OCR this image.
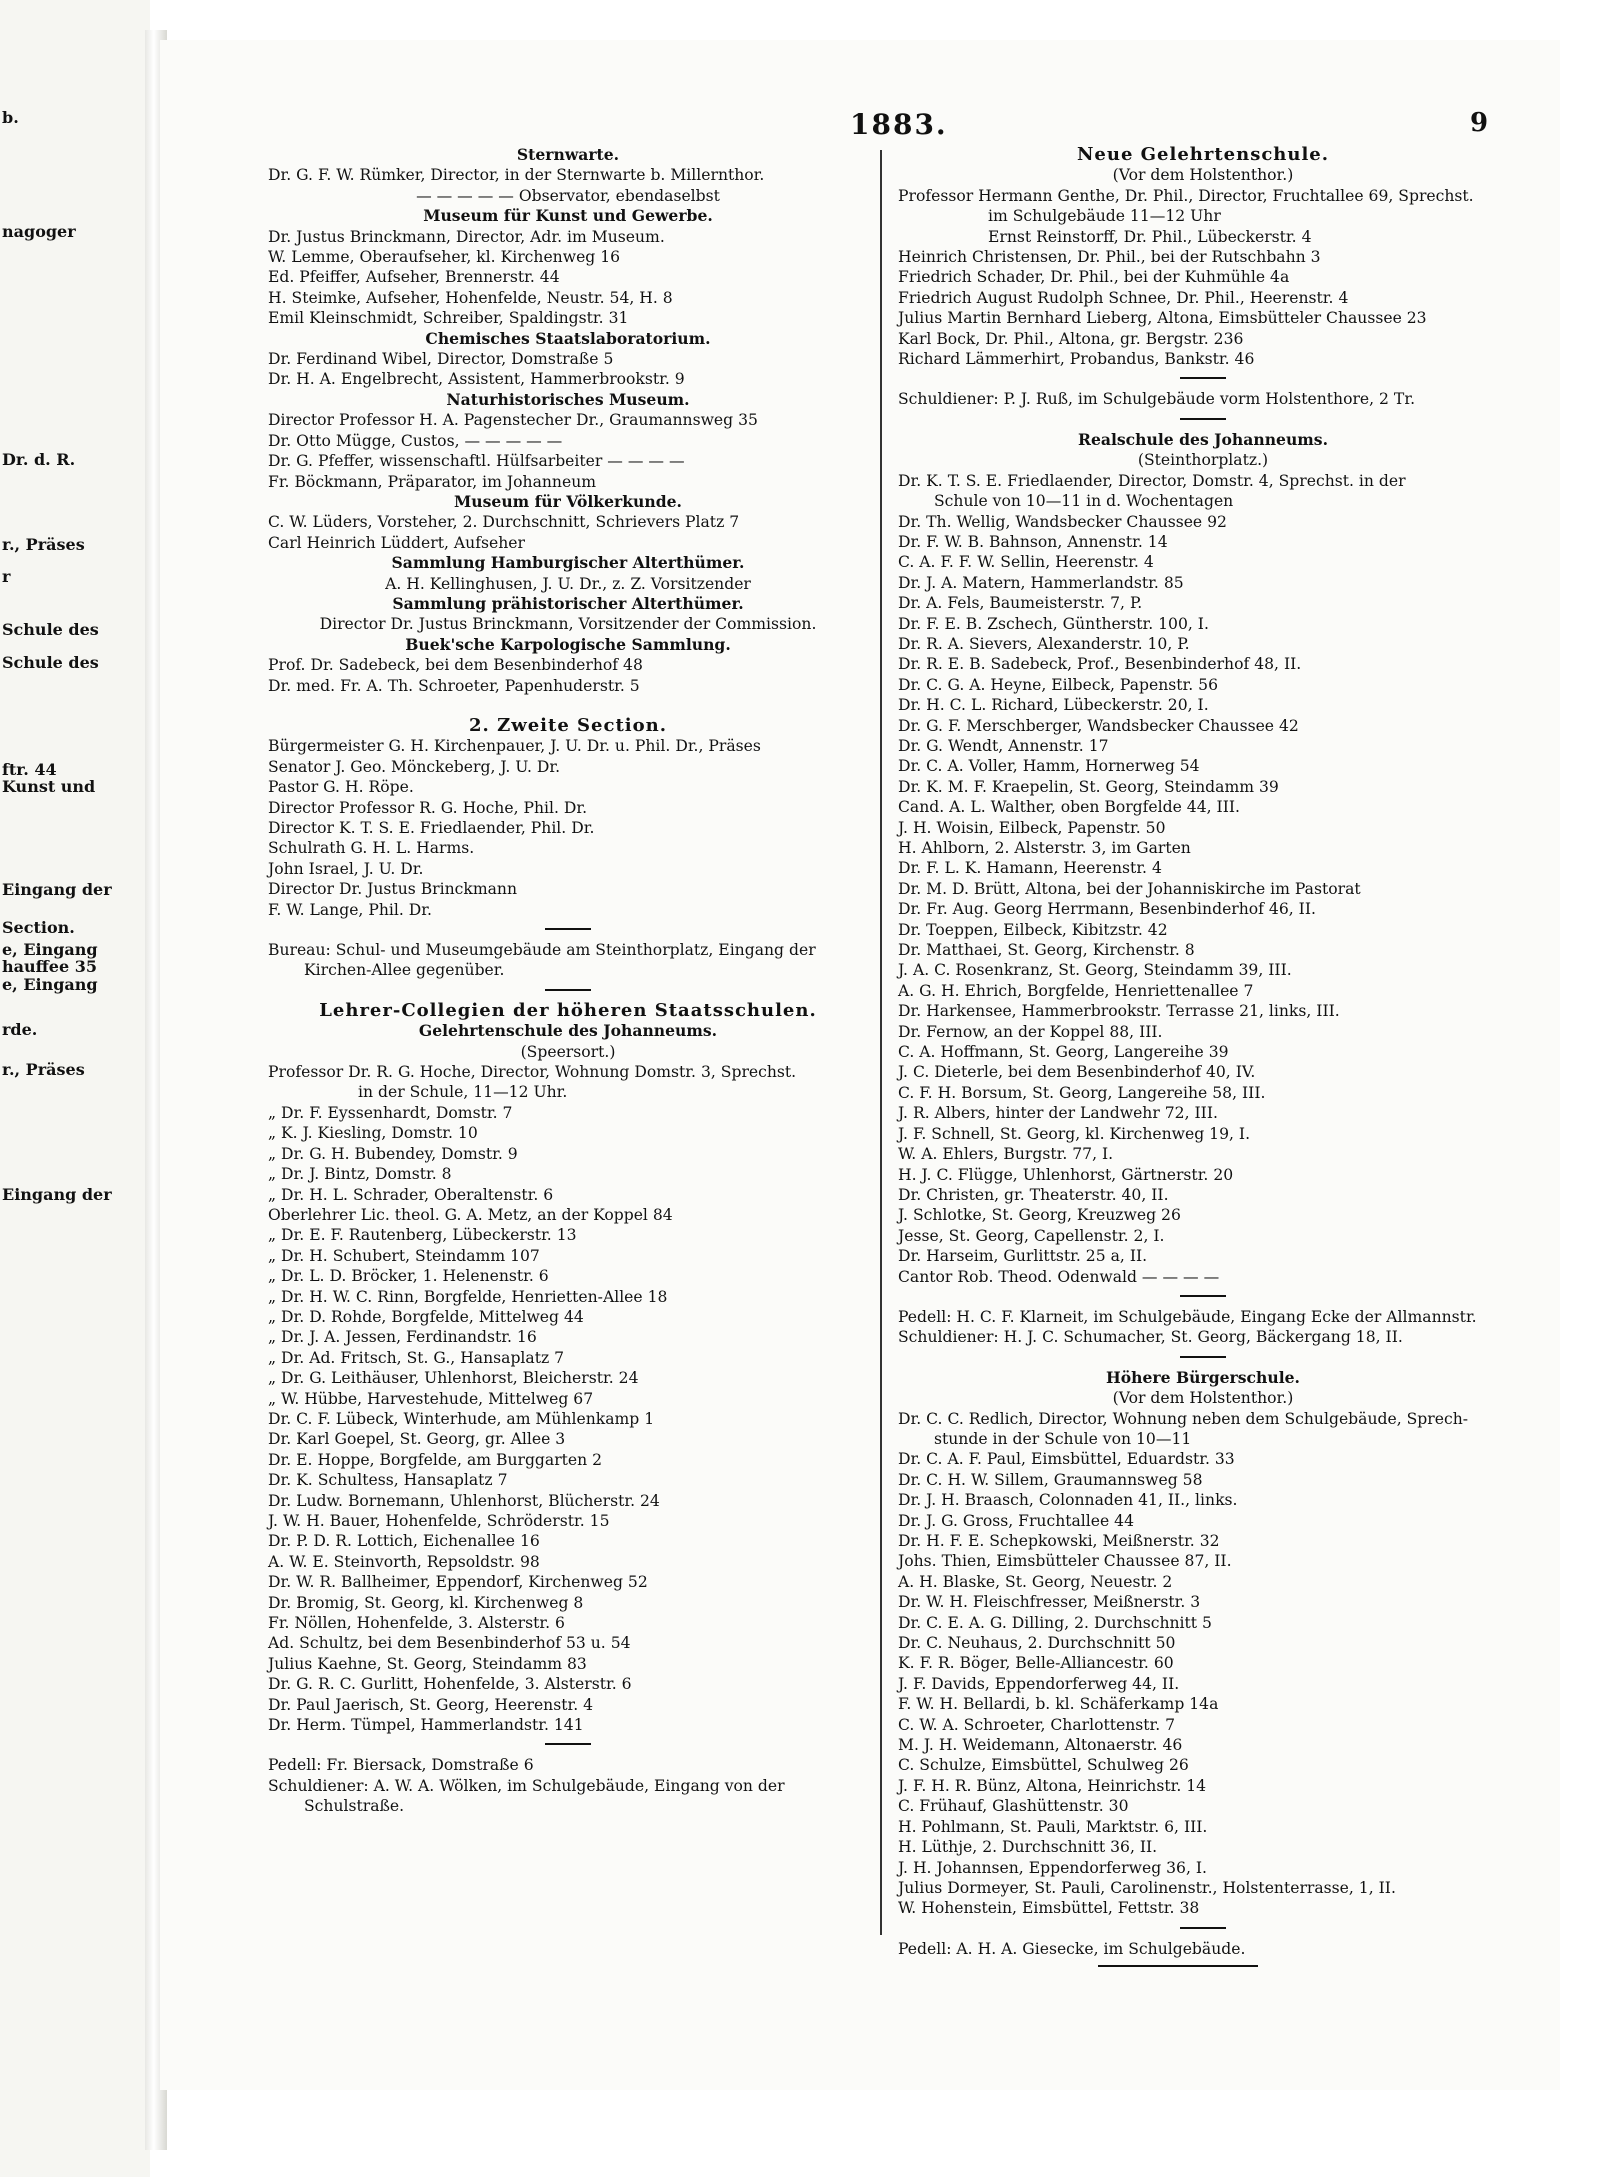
b.
nagoger
Dr. d. R.
r., Präses
r
Schule des
Schule des
ftr. 44
Kunst und
Eingang der
Section.
e, Eingang
hauffee 35
e, Eingang
rde.
r., Präses
Eingang der
1883.	9
Sternwarte.
Dr. G. F. W. Rümker, Director, in der Sternwarte b. Millernthor.
— — — — — Observator, ebendaselbst
Museum für Kunst und Gewerbe.
Dr. Justus Brinckmann, Director, Adr. im Museum.
W. Lemme, Oberaufseher, kl. Kirchenweg 16
Ed. Pfeiffer, Aufseher, Brennerstr. 44
H. Steimke, Aufseher, Hohenfelde, Neustr. 54, H. 8
Emil Kleinschmidt, Schreiber, Spaldingstr. 31
Chemisches Staatslaboratorium.
Dr. Ferdinand Wibel, Director, Domstraße 5
Dr. H. A. Engelbrecht, Assistent, Hammerbrookstr. 9
Naturhistorisches Museum.
Director Professor H. A. Pagenstecher Dr., Graumannsweg 35
Dr. Otto Mügge, Custos, — — — — —
Dr. G. Pfeffer, wissenschaftl. Hülfsarbeiter — — — —
Fr. Böckmann, Präparator, im Johanneum
Museum für Völkerkunde.
C. W. Lüders, Vorsteher, 2. Durchschnitt, Schrievers Platz 7
Carl Heinrich Lüddert, Aufseher
Sammlung Hamburgischer Alterthümer.
A. H. Kellinghusen, J. U. Dr., z. Z. Vorsitzender
Sammlung prähistorischer Alterthümer.
Director Dr. Justus Brinckmann, Vorsitzender der Commission.
Buek'sche Karpologische Sammlung.
Prof. Dr. Sadebeck, bei dem Besenbinderhof 48
Dr. med. Fr. A. Th. Schroeter, Papenhuderstr. 5
2. Zweite Section.
Bürgermeister G. H. Kirchenpauer, J. U. Dr. u. Phil. Dr., Präses
Senator J. Geo. Mönckeberg, J. U. Dr.
Pastor G. H. Röpe.
Director Professor R. G. Hoche, Phil. Dr.
Director K. T. S. E. Friedlaender, Phil. Dr.
Schulrath G. H. L. Harms.
John Israel, J. U. Dr.
Director Dr. Justus Brinckmann
F. W. Lange, Phil. Dr.
Bureau: Schul- und Museumgebäude am Steinthorplatz, Eingang der
Kirchen-Allee gegenüber.
Lehrer-Collegien der höheren Staatsschulen.
Gelehrtenschule des Johanneums.
(Speersort.)
Professor Dr. R. G. Hoche, Director, Wohnung Domstr. 3, Sprechst.
in der Schule, 11—12 Uhr.
„ Dr. F. Eyssenhardt, Domstr. 7
„ K. J. Kiesling, Domstr. 10
„ Dr. G. H. Bubendey, Domstr. 9
„ Dr. J. Bintz, Domstr. 8
„ Dr. H. L. Schrader, Oberaltenstr. 6
Oberlehrer Lic. theol. G. A. Metz, an der Koppel 84
„ Dr. E. F. Rautenberg, Lübeckerstr. 13
„ Dr. H. Schubert, Steindamm 107
„ Dr. L. D. Bröcker, 1. Helenenstr. 6
„ Dr. H. W. C. Rinn, Borgfelde, Henrietten-Allee 18
„ Dr. D. Rohde, Borgfelde, Mittelweg 44
„ Dr. J. A. Jessen, Ferdinandstr. 16
„ Dr. Ad. Fritsch, St. G., Hansaplatz 7
„ Dr. G. Leithäuser, Uhlenhorst, Bleicherstr. 24
„ W. Hübbe, Harvestehude, Mittelweg 67
Dr. C. F. Lübeck, Winterhude, am Mühlenkamp 1
Dr. Karl Goepel, St. Georg, gr. Allee 3
Dr. E. Hoppe, Borgfelde, am Burggarten 2
Dr. K. Schultess, Hansaplatz 7
Dr. Ludw. Bornemann, Uhlenhorst, Blücherstr. 24
J. W. H. Bauer, Hohenfelde, Schröderstr. 15
Dr. P. D. R. Lottich, Eichenallee 16
A. W. E. Steinvorth, Repsoldstr. 98
Dr. W. R. Ballheimer, Eppendorf, Kirchenweg 52
Dr. Bromig, St. Georg, kl. Kirchenweg 8
Fr. Nöllen, Hohenfelde, 3. Alsterstr. 6
Ad. Schultz, bei dem Besenbinderhof 53 u. 54
Julius Kaehne, St. Georg, Steindamm 83
Dr. G. R. C. Gurlitt, Hohenfelde, 3. Alsterstr. 6
Dr. Paul Jaerisch, St. Georg, Heerenstr. 4
Dr. Herm. Tümpel, Hammerlandstr. 141
Pedell: Fr. Biersack, Domstraße 6
Schuldiener: A. W. A. Wölken, im Schulgebäude, Eingang von der
Schulstraße.
Neue Gelehrtenschule.
(Vor dem Holstenthor.)
Professor Hermann Genthe, Dr. Phil., Director, Fruchtallee 69, Sprechst.
im Schulgebäude 11—12 Uhr
Ernst Reinstorff, Dr. Phil., Lübeckerstr. 4
Heinrich Christensen, Dr. Phil., bei der Rutschbahn 3
Friedrich Schader, Dr. Phil., bei der Kuhmühle 4a
Friedrich August Rudolph Schnee, Dr. Phil., Heerenstr. 4
Julius Martin Bernhard Lieberg, Altona, Eimsbütteler Chaussee 23
Karl Bock, Dr. Phil., Altona, gr. Bergstr. 236
Richard Lämmerhirt, Probandus, Bankstr. 46
Schuldiener: P. J. Ruß, im Schulgebäude vorm Holstenthore, 2 Tr.
Realschule des Johanneums.
(Steinthorplatz.)
Dr. K. T. S. E. Friedlaender, Director, Domstr. 4, Sprechst. in der
Schule von 10—11 in d. Wochentagen
Dr. Th. Wellig, Wandsbecker Chaussee 92
Dr. F. W. B. Bahnson, Annenstr. 14
C. A. F. F. W. Sellin, Heerenstr. 4
Dr. J. A. Matern, Hammerlandstr. 85
Dr. A. Fels, Baumeisterstr. 7, P.
Dr. F. E. B. Zschech, Güntherstr. 100, I.
Dr. R. A. Sievers, Alexanderstr. 10, P.
Dr. R. E. B. Sadebeck, Prof., Besenbinderhof 48, II.
Dr. C. G. A. Heyne, Eilbeck, Papenstr. 56
Dr. H. C. L. Richard, Lübeckerstr. 20, I.
Dr. G. F. Merschberger, Wandsbecker Chaussee 42
Dr. G. Wendt, Annenstr. 17
Dr. C. A. Voller, Hamm, Hornerweg 54
Dr. K. M. F. Kraepelin, St. Georg, Steindamm 39
Cand. A. L. Walther, oben Borgfelde 44, III.
J. H. Woisin, Eilbeck, Papenstr. 50
H. Ahlborn, 2. Alsterstr. 3, im Garten
Dr. F. L. K. Hamann, Heerenstr. 4
Dr. M. D. Brütt, Altona, bei der Johanniskirche im Pastorat
Dr. Fr. Aug. Georg Herrmann, Besenbinderhof 46, II.
Dr. Toeppen, Eilbeck, Kibitzstr. 42
Dr. Matthaei, St. Georg, Kirchenstr. 8
J. A. C. Rosenkranz, St. Georg, Steindamm 39, III.
A. G. H. Ehrich, Borgfelde, Henriettenallee 7
Dr. Harkensee, Hammerbrookstr. Terrasse 21, links, III.
Dr. Fernow, an der Koppel 88, III.
C. A. Hoffmann, St. Georg, Langereihe 39
J. C. Dieterle, bei dem Besenbinderhof 40, IV.
C. F. H. Borsum, St. Georg, Langereihe 58, III.
J. R. Albers, hinter der Landwehr 72, III.
J. F. Schnell, St. Georg, kl. Kirchenweg 19, I.
W. A. Ehlers, Burgstr. 77, I.
H. J. C. Flügge, Uhlenhorst, Gärtnerstr. 20
Dr. Christen, gr. Theaterstr. 40, II.
J. Schlotke, St. Georg, Kreuzweg 26
Jesse, St. Georg, Capellenstr. 2, I.
Dr. Harseim, Gurlittstr. 25 a, II.
Cantor Rob. Theod. Odenwald — — — —
Pedell: H. C. F. Klarneit, im Schulgebäude, Eingang Ecke der Allmannstr.
Schuldiener: H. J. C. Schumacher, St. Georg, Bäckergang 18, II.
Höhere Bürgerschule.
(Vor dem Holstenthor.)
Dr. C. C. Redlich, Director, Wohnung neben dem Schulgebäude, Sprech-
stunde in der Schule von 10—11
Dr. C. A. F. Paul, Eimsbüttel, Eduardstr. 33
Dr. C. H. W. Sillem, Graumannsweg 58
Dr. J. H. Braasch, Colonnaden 41, II., links.
Dr. J. G. Gross, Fruchtallee 44
Dr. H. F. E. Schepkowski, Meißnerstr. 32
Johs. Thien, Eimsbütteler Chaussee 87, II.
A. H. Blaske, St. Georg, Neuestr. 2
Dr. W. H. Fleischfresser, Meißnerstr. 3
Dr. C. E. A. G. Dilling, 2. Durchschnitt 5
Dr. C. Neuhaus, 2. Durchschnitt 50
K. F. R. Böger, Belle-Alliancestr. 60
J. F. Davids, Eppendorferweg 44, II.
F. W. H. Bellardi, b. kl. Schäferkamp 14a
C. W. A. Schroeter, Charlottenstr. 7
M. J. H. Weidemann, Altonaerstr. 46
C. Schulze, Eimsbüttel, Schulweg 26
J. F. H. R. Bünz, Altona, Heinrichstr. 14
C. Frühauf, Glashüttenstr. 30
H. Pohlmann, St. Pauli, Marktstr. 6, III.
H. Lüthje, 2. Durchschnitt 36, II.
J. H. Johannsen, Eppendorferweg 36, I.
Julius Dormeyer, St. Pauli, Carolinenstr., Holstenterrasse, 1, II.
W. Hohenstein, Eimsbüttel, Fettstr. 38
Pedell: A. H. A. Giesecke, im Schulgebäude.
